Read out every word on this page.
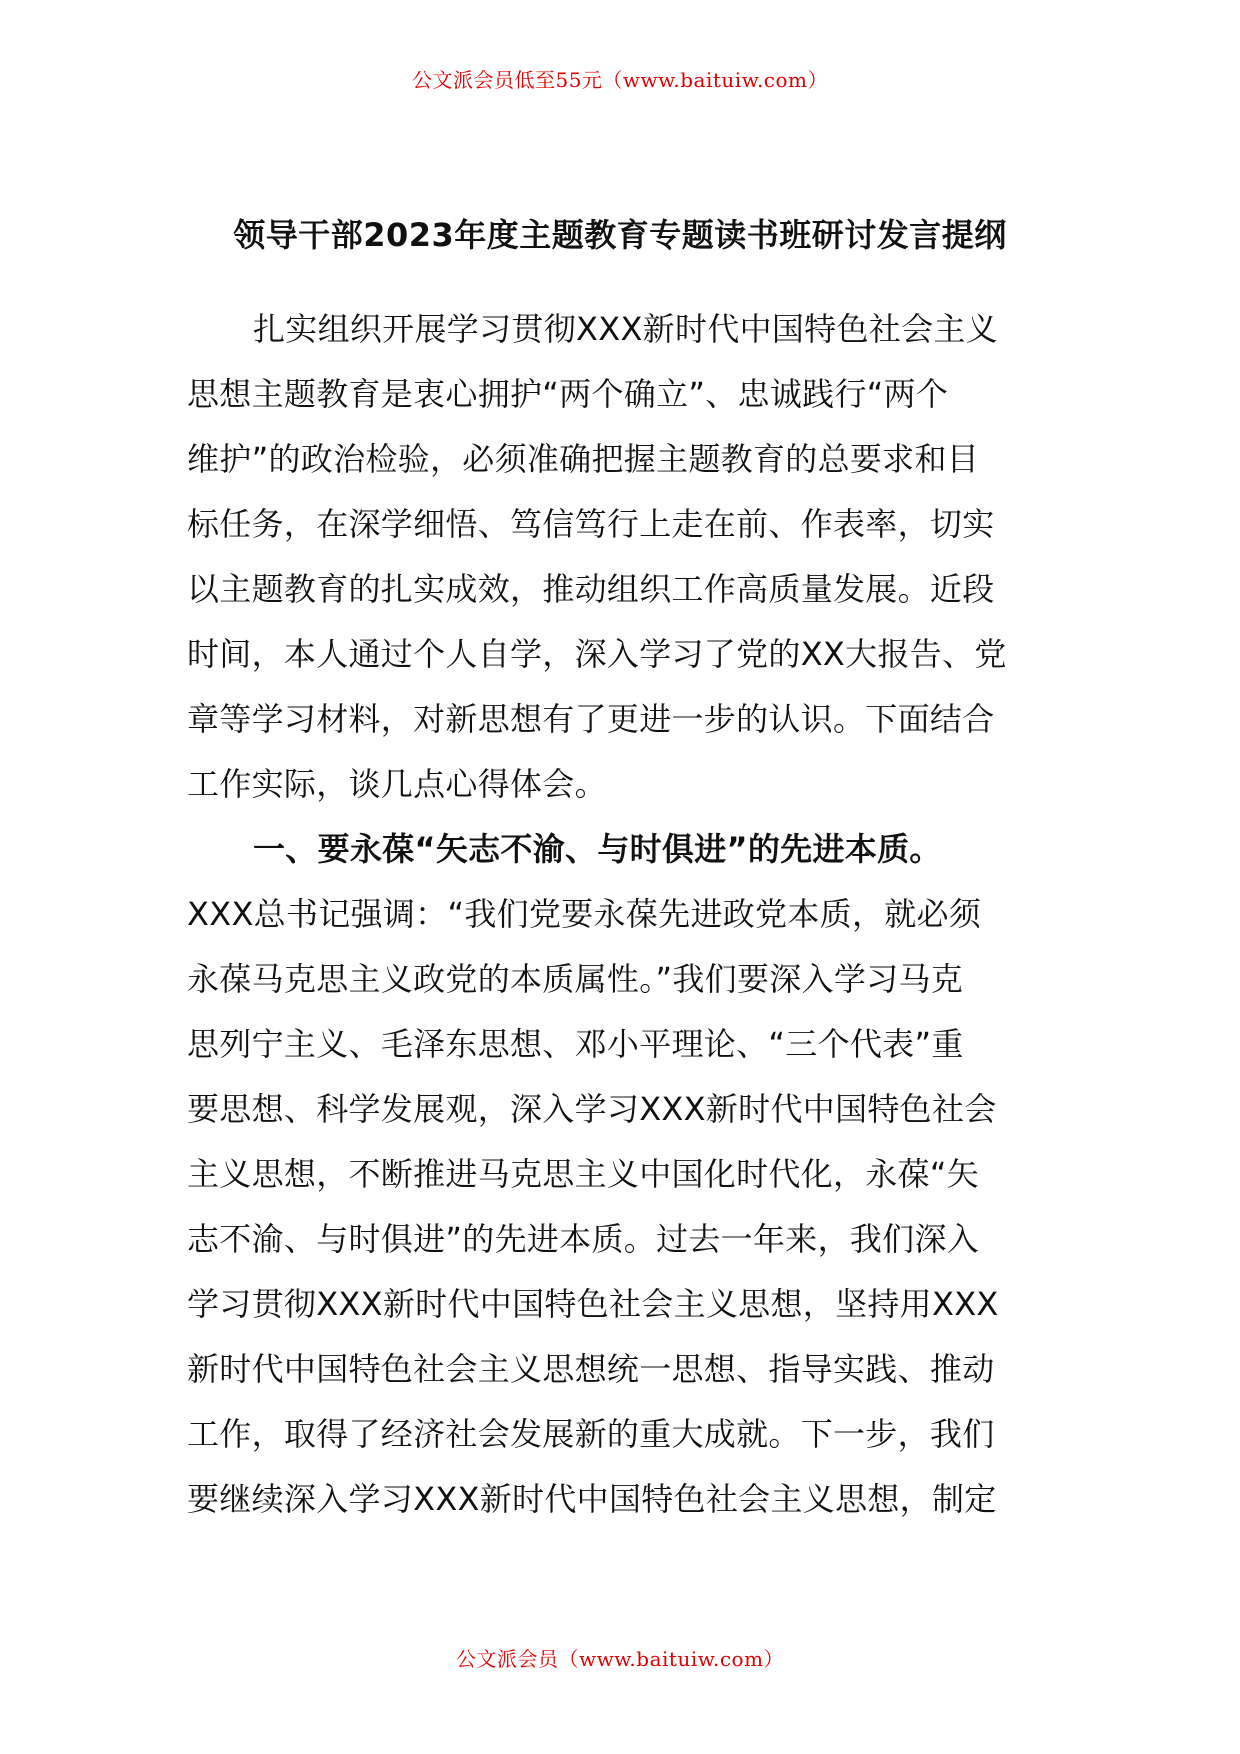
公文派会员低至55元（www.baituiw.com）
领导干部2023年度主题教育专题读书班研讨发言提纲
扎实组织开展学习贯彻XXX新时代中国特色社会主义
思想主题教育是衷心拥护“两个确立”、忠诚践行“两个
维护”的政治检验，必须准确把握主题教育的总要求和目
标任务，在深学细悟、笃信笃行上走在前、作表率，切实
以主题教育的扎实成效，推动组织工作高质量发展。近段
时间，本人通过个人自学，深入学习了党的XX大报告、党
章等学习材料，对新思想有了更进一步的认识。下面结合
工作实际，谈几点心得体会。
一、要永葆“矢志不渝、与时俱进”的先进本质。
XXX总书记强调：“我们党要永葆先进政党本质，就必须
永葆马克思主义政党的本质属性。”我们要深入学习马克
思列宁主义、毛泽东思想、邓小平理论、“三个代表”重
要思想、科学发展观，深入学习XXX新时代中国特色社会
主义思想，不断推进马克思主义中国化时代化，永葆“矢
志不渝、与时俱进”的先进本质。过去一年来，我们深入
学习贯彻XXX新时代中国特色社会主义思想，坚持用XXX
新时代中国特色社会主义思想统一思想、指导实践、推动
工作，取得了经济社会发展新的重大成就。下一步，我们
要继续深入学习XXX新时代中国特色社会主义思想，制定
公文派会员（www.baituiw.com）
